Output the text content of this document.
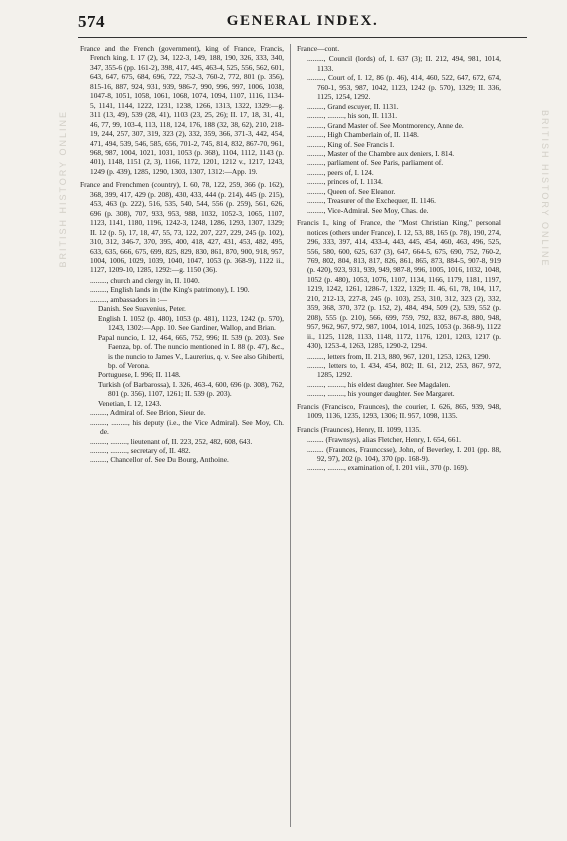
574	GENERAL INDEX.
BRITISH HISTORY ONLINE	BRITISH HISTORY ONLINE
France and the French (government), king of France, Francis, French king, I. 17 (2), 34, 122-3, 149, 188, 190, 326, 333, 340, 347, 355-6 (pp. 161-2), 398, 417, 445, 463-4, 525, 556, 562, 601, 643, 647, 675, 684, 696, 722, 752-3, 760-2, 772, 801 (p. 356), 815-16, 887, 924, 931, 939, 986-7, 990, 996, 997, 1006, 1038, 1047-8, 1051, 1058, 1061, 1068, 1074, 1094, 1107, 1116, 1134-5, 1141, 1144, 1222, 1231, 1238, 1266, 1313, 1322, 1329:—g. 311 (13, 49), 539 (28, 41), 1103 (23, 25, 26); II. 17, 18, 31, 41, 46, 77, 99, 103-4, 113, 118, 124, 176, 188 (32, 38, 62), 210, 218-19, 244, 257, 307, 319, 323 (2), 332, 359, 366, 371-3, 442, 454, 471, 494, 539, 546, 585, 656, 701-2, 745, 814, 832, 867-70, 961, 968, 987, 1004, 1021, 1031, 1053 (p. 368), 1104, 1112, 1143 (p. 401), 1148, 1151 (2, 3), 1166, 1172, 1201, 1212 v., 1217, 1243, 1249 (p. 439), 1285, 1290, 1303, 1307, 1312:—App. 19.
France and Frenchmen (country), I. 60, 78, 122, 259, 366 (p. 162), 368, 399, 417, 429 (p. 208), 430, 433, 444 (p. 214), 445 (p. 215), 453, 463 (p. 222), 516, 535, 540, 544, 556 (p. 259), 561, 626, 696 (p. 308), 707, 933, 953, 988, 1032, 1052-3, 1065, 1107, 1123, 1141, 1180, 1196, 1242-3, 1248, 1286, 1293, 1307, 1329; II. 12 (p. 5), 17, 18, 47, 55, 73, 122, 207, 227, 229, 245 (p. 102), 310, 312, 346-7, 370, 395, 400, 418, 427, 431, 453, 482, 495, 633, 635, 666, 675, 699, 825, 829, 830, 861, 870, 900, 918, 957, 1004, 1006, 1029, 1039, 1040, 1047, 1053 (p. 368-9), 1122 ii., 1127, 1209-10, 1285, 1292:—g. 1150 (36).
........., church and clergy in, II. 1040.
........., English lands in (the King's patrimony), I. 190.
........., ambassadors in :—
Danish. See Suavenius, Peter.
English I. 1052 (p. 480), 1053 (p. 481), 1123, 1242 (p. 570), 1243, 1302:—App. 10. See Gardiner, Wallop, and Brian.
Papal nuncio, I. 12, 464, 665, 752, 996; II. 539 (p. 203). See Faenza, bp. of. The nuncio mentioned in I. 88 (p. 47), &c., is the nuncio to James V., Laurerius, q. v. See also Ghiberti, bp. of Verona.
Portuguese, I. 996; II. 1148.
Turkish (of Barbarossa), I. 326, 463-4, 600, 696 (p. 308), 762, 801 (p. 356), 1107, 1261; II. 539 (p. 203).
Venetian, I. 12, 1243.
........., Admiral of. See Brion, Sieur de.
........., ........., his deputy (i.e., the Vice Admiral). See Moy, Ch. de.
........., ........., lieutenant of, II. 223, 252, 482, 608, 643.
........., ........., secretary of, II. 482.
........., Chancellor of. See Du Bourg, Anthoine.
France—cont.
........., Council (lords) of, I. 637 (3); II. 212, 494, 981, 1014, 1133.
........., Court of, I. 12, 86 (p. 46), 414, 460, 522, 647, 672, 674, 760-1, 953, 987, 1042, 1123, 1242 (p. 570), 1329; II. 336, 1125, 1254, 1292.
........., Grand escuyer, II. 1131.
........., ........., his son, II. 1131.
........., Grand Master of. See Montmorency, Anne de.
........., High Chamberlain of, II. 1148.
........., King of. See Francis I.
........., Master of the Chambre aux deniers, I. 814.
........., parliament of. See Paris, parliament of.
........., peers of, I. 124.
........., princes of, I. 1134.
........., Queen of. See Eleanor.
........., Treasurer of the Exchequer, II. 1146.
........., Vice-Admiral. See Moy, Chas. de.
Francis I., king of France, the "Most Christian King," personal notices (others under France), I. 12, 53, 88, 165 (p. 78), 190, 274, 296, 333, 397, 414, 433-4, 443, 445, 454, 460, 463, 496, 525, 556, 580, 600, 625, 637 (3), 647, 664-5, 675, 690, 752, 760-2, 769, 802, 804, 813, 817, 826, 861, 865, 873, 884-5, 907-8, 919 (p. 420), 923, 931, 939, 949, 987-8, 996, 1005, 1016, 1032, 1048, 1052 (p. 480), 1053, 1076, 1107, 1134, 1166, 1179, 1181, 1197, 1219, 1242, 1261, 1286-7, 1322, 1329; II. 46, 61, 78, 104, 117, 210, 212-13, 227-8, 245 (p. 103), 253, 310, 312, 323 (2), 332, 359, 368, 370, 372 (p. 152, 2), 484, 494, 509 (2), 539, 552 (p. 208), 555 (p. 210), 566, 699, 759, 792, 832, 867-8, 880, 948, 957, 962, 967, 972, 987, 1004, 1014, 1025, 1053 (p. 368-9), 1122 ii., 1125, 1128, 1133, 1148, 1172, 1176, 1201, 1203, 1217 (p. 430), 1253-4, 1263, 1285, 1290-2, 1294.
........., letters from, II. 213, 880, 967, 1201, 1253, 1263, 1290.
........., letters to, I. 434, 454, 802; II. 61, 212, 253, 867, 972, 1285, 1292.
........., ........., his eldest daughter. See Magdalen.
........., ........., his younger daughter. See Margaret.
Francis (Francisco, Fraunces), the courier, I. 626, 865, 939, 948, 1009, 1136, 1235, 1293, 1306; II. 957, 1098, 1135.
Francis (Fraunces), Henry, II. 1099, 1135.
......... (Frawnsys), alias Fletcher, Henry, I. 654, 661.
......... (Fraunces, Fraunccsse), John, of Beverley, I. 201 (pp. 88, 92, 97), 202 (p. 104), 370 (pp. 168-9).
........., ........., examination of, I. 201 viii., 370 (p. 169).
